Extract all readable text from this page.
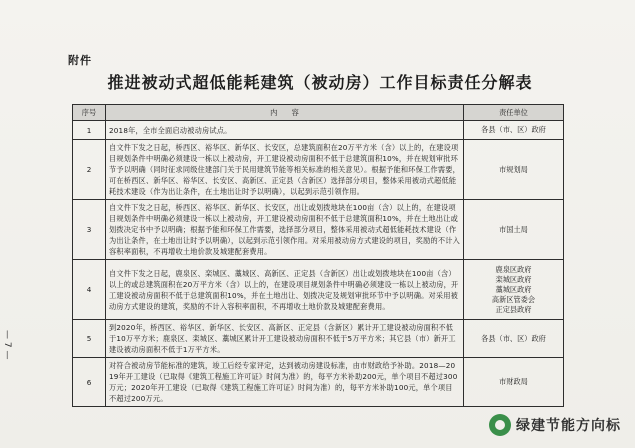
附件
推进被动式超低能耗建筑（被动房）工作目标责任分解表
序号	内　　容	责任单位
1	2018年，全市全面启动被动房试点。	各县（市、区）政府

2	自文件下发之日起，桥西区、裕华区、新华区、长安区，总建筑面积在20万平方米（含）以上的，在建设项目规划条件中明确必须建设一栋以上被动房，开工建设被动房面积不低于总建筑面积10%，并在规划审批环节予以明确（同时征求同级住建部门关于民用建筑节能等相关标准的相关意见）。根据予能和环保工作需要，可在桥西区、新华区、裕华区、长安区、高新区、正定县（含新区）选择部分项目，整体采用被动式超低能耗技术建设（作为出让条件，在土地出让时予以明确），以起到示范引领作用。	市规划局

3	自文件下发之日起，桥西区、裕华区、新华区、长安区，出让或划拨地块在100亩（含）以上的，在建设项目规划条件中明确必须建设一栋以上被动房，开工建设被动房面积不低于总建筑面积10%，并在土地出让或划拨决定书中予以明确；根据予能和环保工作需要，选择部分项目，整体采用被动式超低能耗技术建设（作为出让条件，在土地出让时予以明确），以起到示范引领作用。对采用被动房方式建设的项目，奖励的不计入容积率面积，不再增收土地价款及城建配套费用。	市国土局

4	自文件下发之日起，鹿泉区、栾城区、藁城区、高新区、正定县（含新区）出让或划拨地块在100亩（含）以上的或总建筑面积在20万平方米（含）以上的，在建设项目规划条件中明确必须建设一栋以上被动房，开工建设被动房面积不低于总建筑面积10%，并在土地出让、划拨决定及规划审批环节中予以明确。对采用被动房方式建设的建筑，奖励的不计入容积率面积，不再增收土地价款及城建配套费用。	鹿泉区政府
栾城区政府
藁城区政府
高新区管委会
正定县政府

5	到2020年，桥西区、裕华区、新华区、长安区、高新区、正定县（含新区）累计开工建设被动房面积不低于10万平方米；鹿泉区、栾城区、藁城区累计开工建设被动房面积不低于5万平方米；其它县（市）新开工建设被动房面积不低于1万平方米。	各县（市、区）政府

6	对符合被动房节能标准的建筑，竣工后经专家评定，达到被动房建设标准，由市财政给予补助。2018—2019年开工建设（已取得《建筑工程施工许可证》时间为准）的，每平方米补助200元，单个项目不超过300万元；2020年开工建设（已取得《建筑工程施工许可证》时间为准）的，每平方米补助100元，单个项目不超过200万元。	市财政局
— 7 —
绿建节能方向标
